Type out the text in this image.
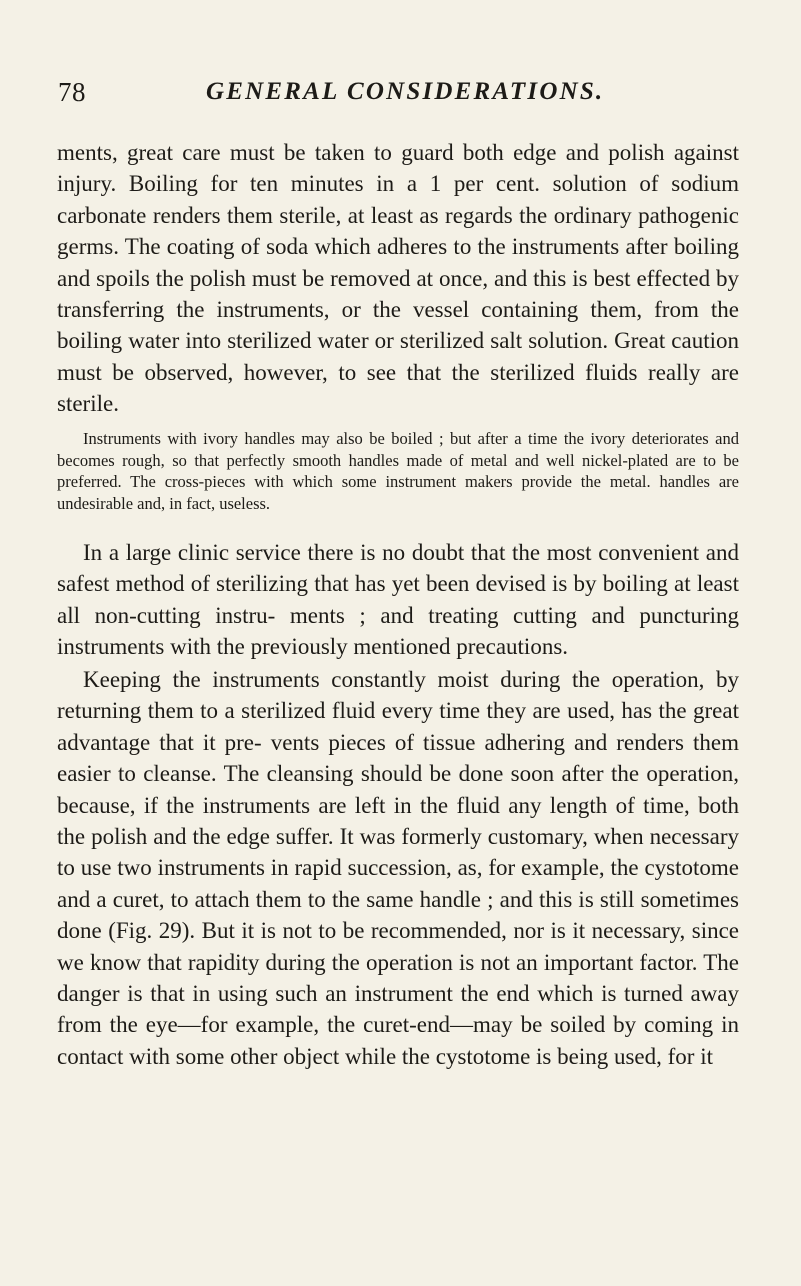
78	GENERAL CONSIDERATIONS.

ments, great care must be taken to guard both edge and polish against injury. Boiling for ten minutes in a 1 per cent. solution of sodium carbonate renders them sterile, at least as regards the ordinary pathogenic germs. The coating of soda which adheres to the instruments after boiling and spoils the polish must be removed at once, and this is best effected by transferring the instruments, or the vessel containing them, from the boiling water into sterilized water or sterilized salt solution. Great caution must be observed, however, to see that the sterilized fluids really are sterile.

Instruments with ivory handles may also be boiled ; but after a time the ivory deteriorates and becomes rough, so that perfectly smooth handles made of metal and well nickel-plated are to be preferred. The cross-pieces with which some instrument makers provide the metal. handles are undesirable and, in fact, useless.

In a large clinic service there is no doubt that the most convenient and safest method of sterilizing that has yet been devised is by boiling at least all non-cutting instru- ments ; and treating cutting and puncturing instruments with the previously mentioned precautions.

Keeping the instruments constantly moist during the operation, by returning them to a sterilized fluid every time they are used, has the great advantage that it pre- vents pieces of tissue adhering and renders them easier to cleanse. The cleansing should be done soon after the operation, because, if the instruments are left in the fluid any length of time, both the polish and the edge suffer. It was formerly customary, when necessary to use two instruments in rapid succession, as, for example, the cystotome and a curet, to attach them to the same handle ; and this is still sometimes done (Fig. 29). But it is not to be recommended, nor is it necessary, since we know that rapidity during the operation is not an important factor. The danger is that in using such an instrument the end which is turned away from the eye—for example, the curet-end—may be soiled by coming in contact with some other object while the cystotome is being used, for it
